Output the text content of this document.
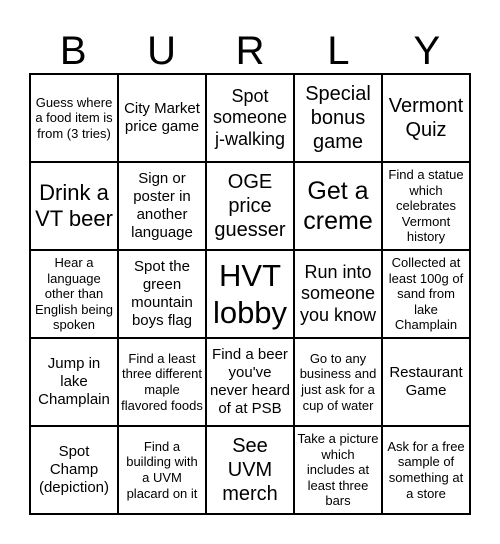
B	U	R	L	Y
Guess where a food item is from (3 tries)
City Market price game
Spot someone j-walking
Special bonus game
Vermont Quiz
Drink a VT beer
Sign or poster in another language
OGE price guesser
Get a creme
Find a statue which celebrates Vermont history
Hear a language other than English being spoken
Spot the green mountain boys flag
HVT lobby
Run into someone you know
Collected at least 100g of sand from lake Champlain
Jump in lake Champlain
Find a least three different maple flavored foods
Find a beer you've never heard of at PSB
Go to any business and just ask for a cup of water
Restaurant Game
Spot Champ (depiction)
Find a building with a UVM placard on it
See UVM merch
Take a picture which includes at least three bars
Ask for a free sample of something at a store
